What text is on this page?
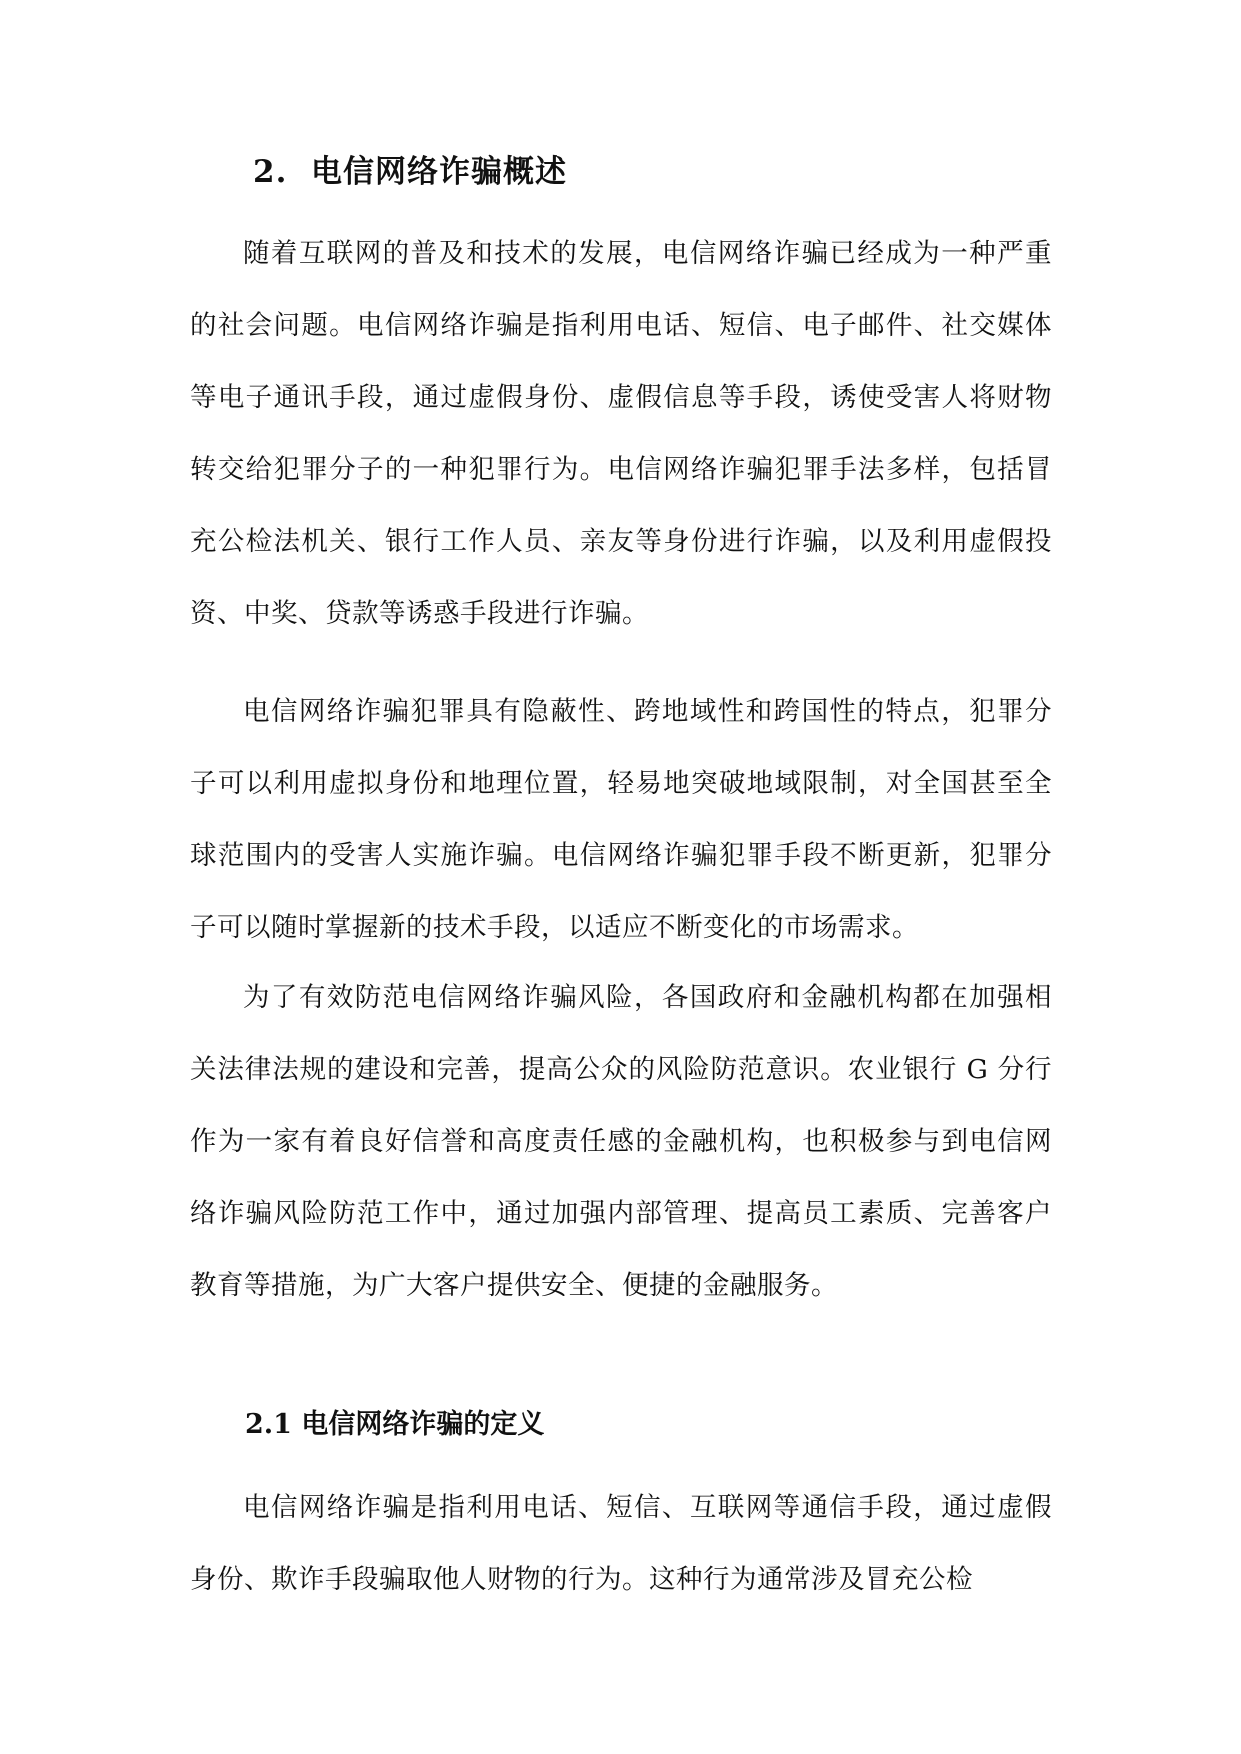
2. 电信网络诈骗概述

随着互联网的普及和技术的发展，电信网络诈骗已经成为一种严重的社会问题。电信网络诈骗是指利用电话、短信、电子邮件、社交媒体等电子通讯手段，通过虚假身份、虚假信息等手段，诱使受害人将财物转交给犯罪分子的一种犯罪行为。电信网络诈骗犯罪手法多样，包括冒充公检法机关、银行工作人员、亲友等身份进行诈骗，以及利用虚假投资、中奖、贷款等诱惑手段进行诈骗。

电信网络诈骗犯罪具有隐蔽性、跨地域性和跨国性的特点，犯罪分子可以利用虚拟身份和地理位置，轻易地突破地域限制，对全国甚至全球范围内的受害人实施诈骗。电信网络诈骗犯罪手段不断更新，犯罪分子可以随时掌握新的技术手段，以适应不断变化的市场需求。

为了有效防范电信网络诈骗风险，各国政府和金融机构都在加强相关法律法规的建设和完善，提高公众的风险防范意识。农业银行 G 分行作为一家有着良好信誉和高度责任感的金融机构，也积极参与到电信网络诈骗风险防范工作中，通过加强内部管理、提高员工素质、完善客户教育等措施，为广大客户提供安全、便捷的金融服务。

2.1 电信网络诈骗的定义

电信网络诈骗是指利用电话、短信、互联网等通信手段，通过虚假身份、欺诈手段骗取他人财物的行为。这种行为通常涉及冒充公检
